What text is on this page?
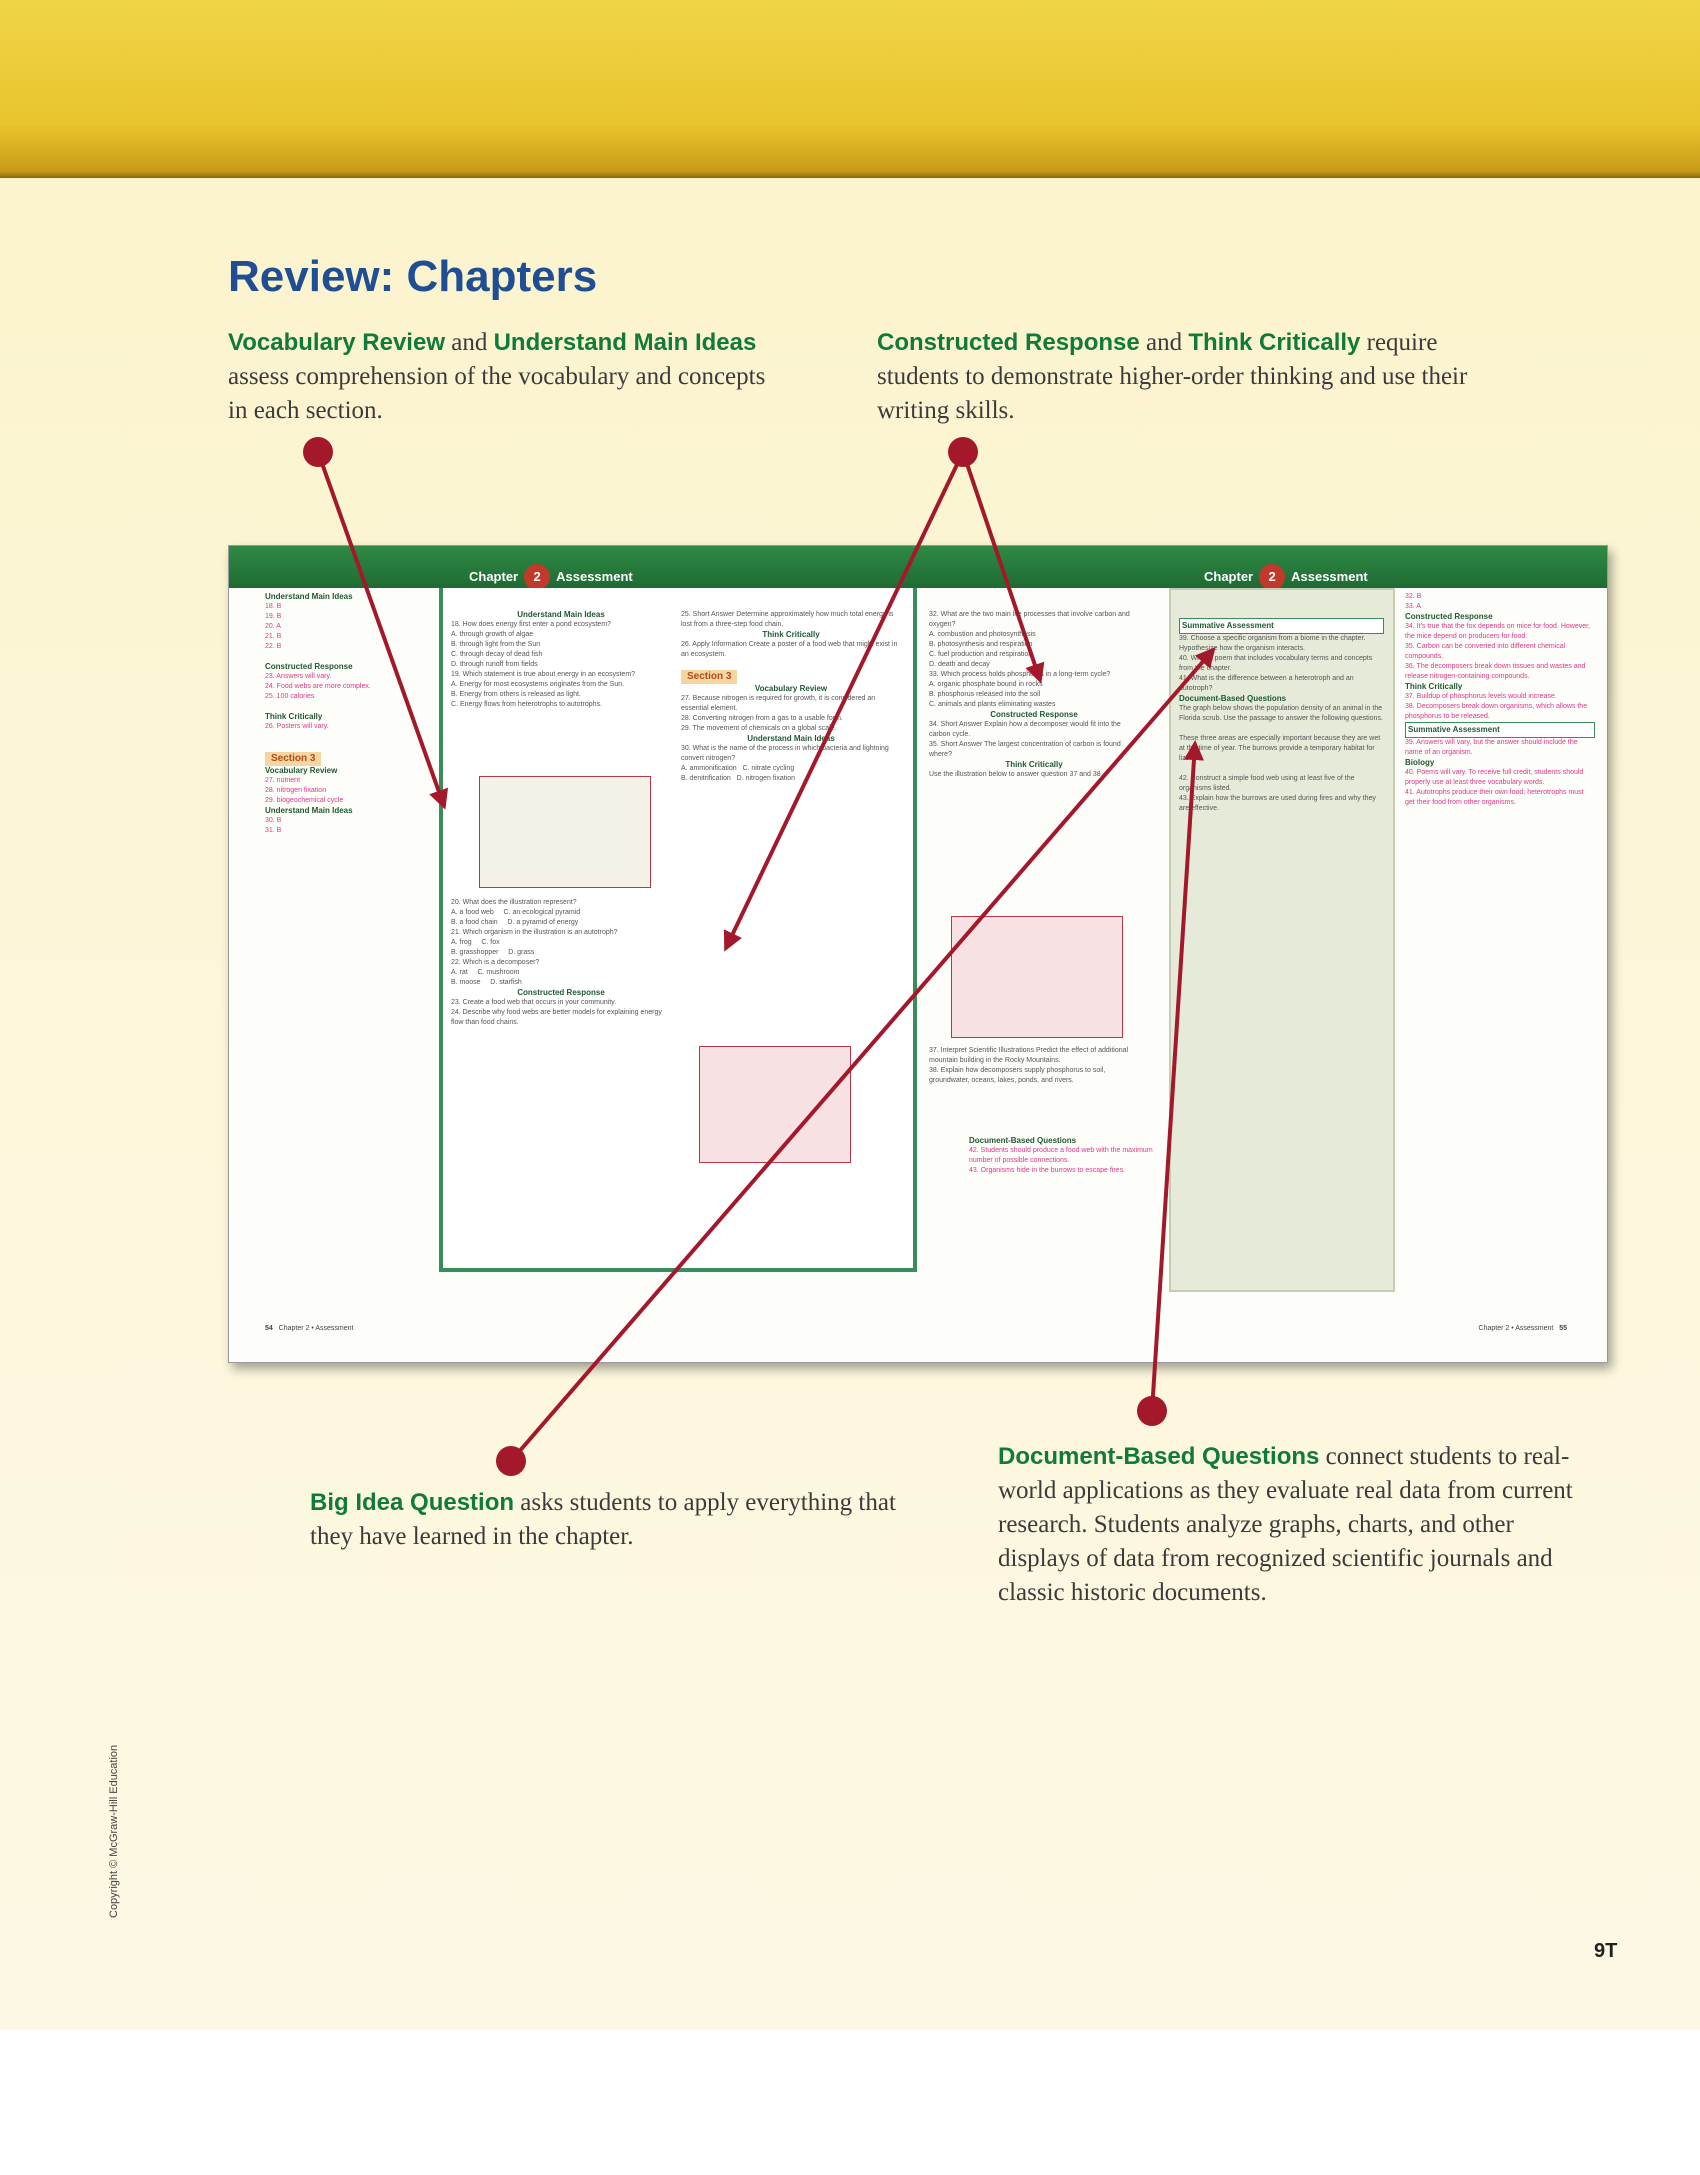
Review: Chapters
Vocabulary Review and Understand Main Ideas assess comprehension of the vocabulary and concepts in each section.
Constructed Response and Think Critically require students to demonstrate higher-order thinking and use their writing skills.
Chapter 2 Assessment	Chapter 2 Assessment
Understand Main Ideas
18. B
19. B
20. A
21. B
22. B

Constructed Response
23. Answers will vary.
24. Food webs are more complex.
25. 100 calories

Think Critically
26. Posters will vary.

Section 3
Vocabulary Review
27. nutrient
28. nitrogen fixation
29. biogeochemical cycle
Understand Main Ideas
30. B
31. B
Understand Main Ideas
18. How does energy first enter a pond ecosystem?
A. through growth of algae
B. through light from the Sun
C. through decay of dead fish
D. through runoff from fields
19. Which statement is true about energy in an ecosystem?
A. Energy for most ecosystems originates from the Sun.
B. Energy from others is released as light.
C. Energy flows from heterotrophs to autotrophs.
20. What does the illustration represent?
A. a food web     C. an ecological pyramid
B. a food chain     D. a pyramid of energy
21. Which organism in the illustration is an autotroph?
A. frog     C. fox
B. grasshopper     D. grass
22. Which is a decomposer?
A. rat     C. mushroom
B. moose     D. starfish

Constructed Response
23. Create a food web that occurs in your community.
24. Describe why food webs are better models for explaining energy flow than food chains.
25. Short Answer Determine approximately how much total energy is lost from a three-step food chain.

Think Critically
26. Apply Information Create a poster of a food web that might exist in an ecosystem.

Section 3
Vocabulary Review
27. Because nitrogen is required for growth, it is considered an essential element.
28. Converting nitrogen from a gas to a usable form.
29. The movement of chemicals on a global scale.

Understand Main Ideas
30. What is the name of the process in which bacteria and lightning convert nitrogen?
A. ammonification   C. nitrate cycling
B. denitrification   D. nitrogen fixation
32. What are the two main life processes that involve carbon and oxygen?
A. combustion and photosynthesis
B. photosynthesis and respiration
C. fuel production and respiration
D. death and decay
33. Which process holds phosphorus in a long-term cycle?
A. organic phosphate bound in rocks
B. phosphorus released into the soil
C. animals and plants eliminating wastes

Constructed Response
34. Short Answer Explain how a decomposer would fit into the carbon cycle.
35. Short Answer The largest concentration of carbon is found where?

Think Critically
Use the illustration below to answer question 37 and 38.
37. Interpret Scientific Illustrations Predict the effect of additional mountain building in the Rocky Mountains.
38. Explain how decomposers supply phosphorus to soil, groundwater, oceans, lakes, ponds, and rivers.
Document-Based Questions
42. Students should produce a food web with the maximum number of possible connections.
43. Organisms hide in the burrows to escape fires.
Summative Assessment
39. Choose a specific organism from a biome in the chapter. Hypothesize how the organism interacts.
40. Write a poem that includes vocabulary terms and concepts from the chapter.
41. What is the difference between a heterotroph and an autotroph?

Document-Based Questions
The graph below shows the population density of an animal in the Florida scrub. Use the passage to answer the following questions.

These three areas are especially important because they are wet at the time of year. The burrows provide a temporary habitat for lizards.

42. Construct a simple food web using at least five of the organisms listed.
43. Explain how the burrows are used during fires and why they are effective.
32. B
33. A
Constructed Response
34. It's true that the fox depends on mice for food. However, the mice depend on producers for food.
35. Carbon can be converted into different chemical compounds.
36. The decomposers break down tissues and wastes and release nitrogen-containing compounds.
Think Critically
37. Buildup of phosphorus levels would increase.
38. Decomposers break down organisms, which allows the phosphorus to be released.
Summative Assessment
39. Answers will vary, but the answer should include the name of an organism.
Biology
40. Poems will vary. To receive full credit, students should properly use at least three vocabulary words.
41. Autotrophs produce their own food; heterotrophs must get their food from other organisms.
54 Chapter 2 • Assessment	Chapter 2 • Assessment 55
Big Idea Question asks students to apply everything that they have learned in the chapter.
Document-Based Questions connect students to real-world applications as they evaluate real data from current research. Students analyze graphs, charts, and other displays of data from recognized scientific journals and classic historic documents.
Copyright © McGraw-Hill Education
9T
